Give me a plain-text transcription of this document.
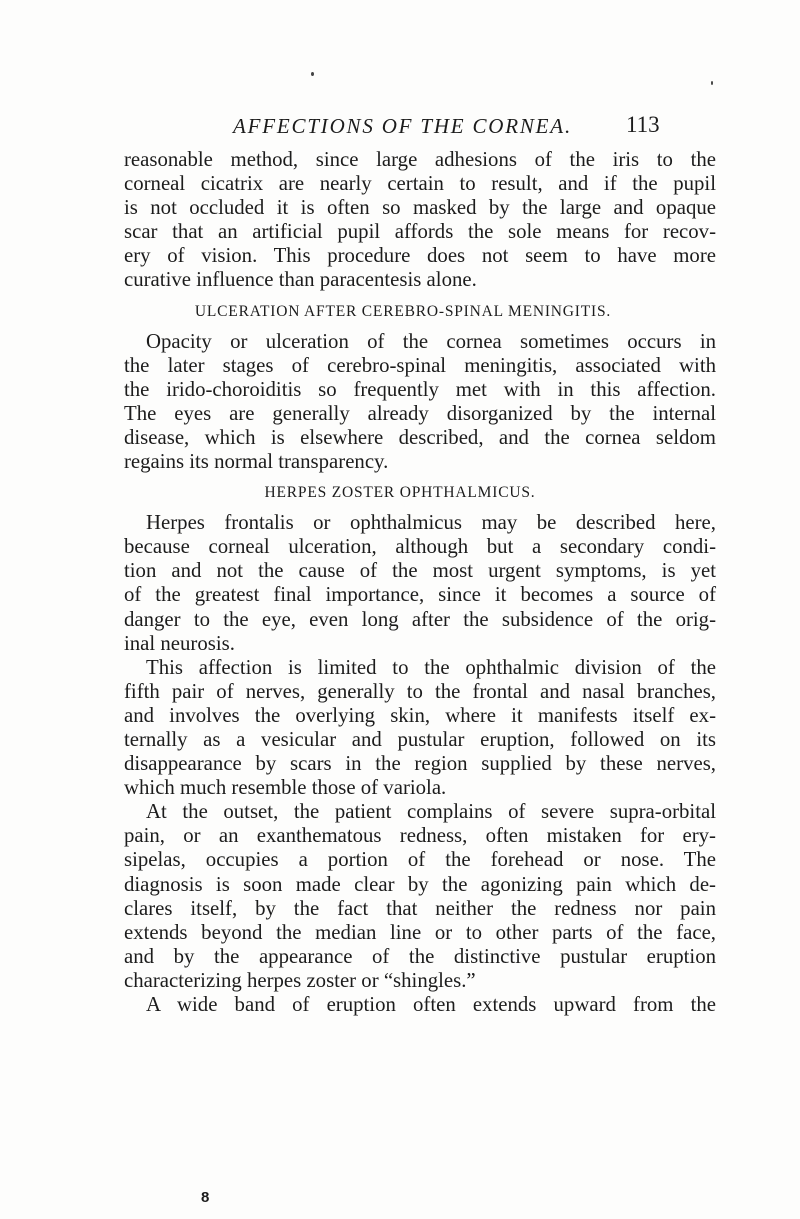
AFFECTIONS OF THE CORNEA. 113
reasonable method, since large adhesions of the iris to the
corneal cicatrix are nearly certain to result, and if the pupil
is not occluded it is often so masked by the large and opaque
scar that an artificial pupil affords the sole means for recov-
ery of vision. This procedure does not seem to have more
curative influence than paracentesis alone.
ULCERATION AFTER CEREBRO-SPINAL MENINGITIS.
Opacity or ulceration of the cornea sometimes occurs in
the later stages of cerebro-spinal meningitis, associated with
the irido-choroiditis so frequently met with in this affection.
The eyes are generally already disorganized by the internal
disease, which is elsewhere described, and the cornea seldom
regains its normal transparency.
HERPES ZOSTER OPHTHALMICUS.
Herpes frontalis or ophthalmicus may be described here,
because corneal ulceration, although but a secondary condi-
tion and not the cause of the most urgent symptoms, is yet
of the greatest final importance, since it becomes a source of
danger to the eye, even long after the subsidence of the orig-
inal neurosis.
This affection is limited to the ophthalmic division of the
fifth pair of nerves, generally to the frontal and nasal branches,
and involves the overlying skin, where it manifests itself ex-
ternally as a vesicular and pustular eruption, followed on its
disappearance by scars in the region supplied by these nerves,
which much resemble those of variola.
At the outset, the patient complains of severe supra-orbital
pain, or an exanthematous redness, often mistaken for ery-
sipelas, occupies a portion of the forehead or nose. The
diagnosis is soon made clear by the agonizing pain which de-
clares itself, by the fact that neither the redness nor pain
extends beyond the median line or to other parts of the face,
and by the appearance of the distinctive pustular eruption
characterizing herpes zoster or “shingles.”
A wide band of eruption often extends upward from the
8
